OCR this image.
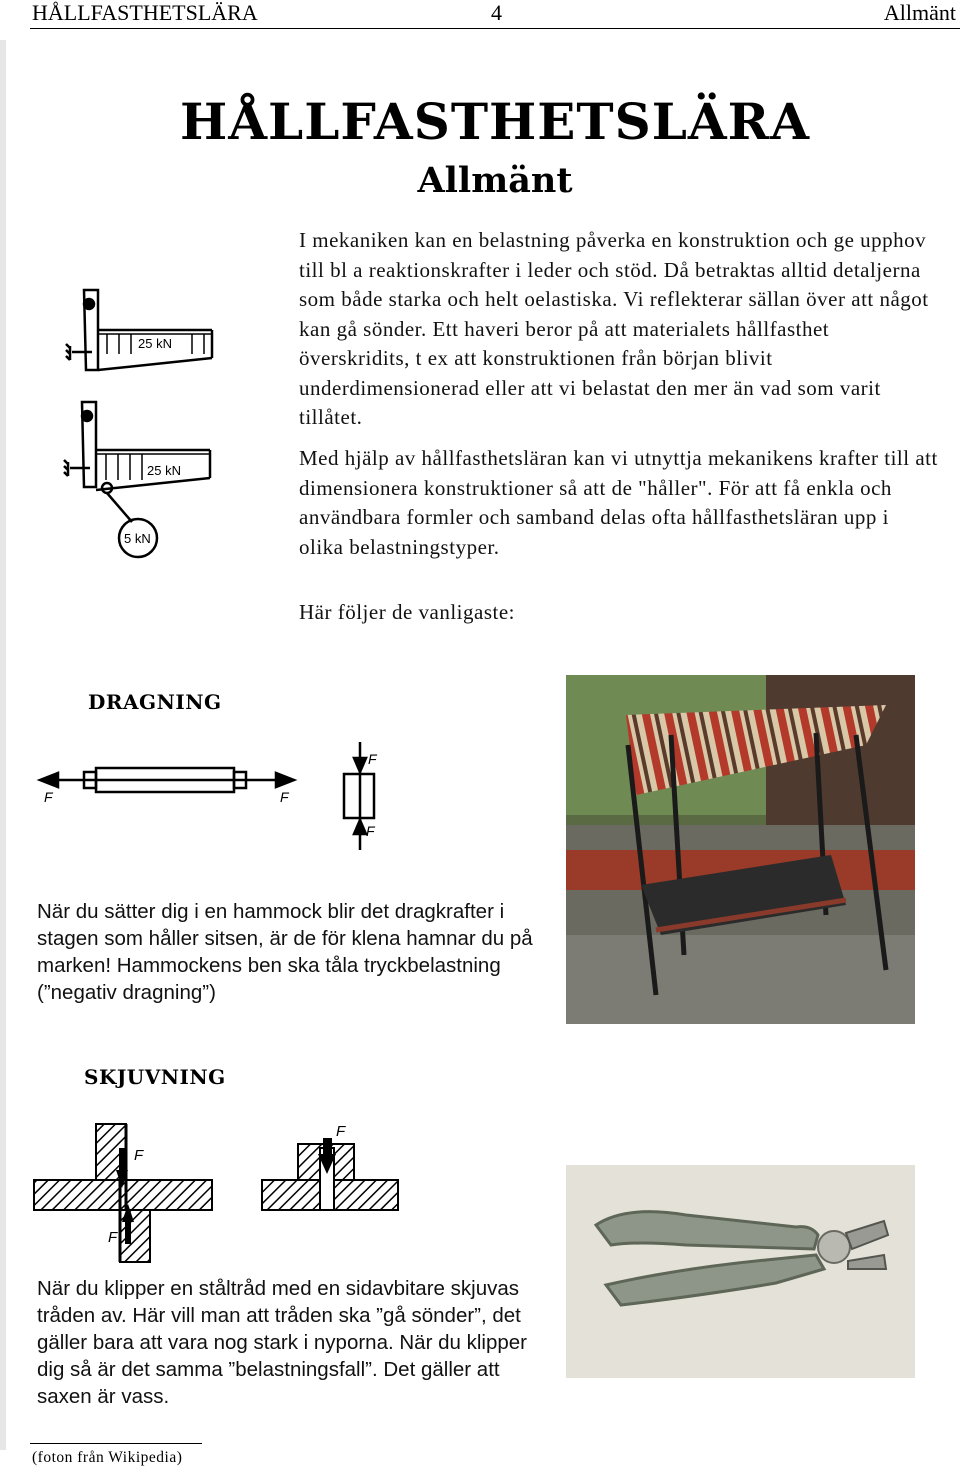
HÅLLFASTHETSLÄRA	4	Allmänt
HÅLLFASTHETSLÄRA
Allmänt
I mekaniken kan en belastning påverka en konstruktion och ge upphov till bl a reaktionskrafter i leder och stöd. Då betraktas alltid detaljerna som både starka och helt oelastiska. Vi reflekterar sällan över att något kan gå sönder. Ett haveri beror på att materialets hållfasthet överskridits, t ex att konstruktionen från början blivit underdimensionerad eller att vi belastat den mer än vad som varit tillåtet.
Med hjälp av hållfasthetsläran kan vi utnyttja mekanikens krafter till att dimensionera konstruktioner så att de "håller". För att få enkla och användbara formler och samband delas ofta hållfasthetsläran upp i olika belastningstyper.
Här följer de vanligaste:
25 kN
25 kN
5 kN
DRAGNING
F	F
F
F
När du sätter dig i en hammock blir det dragkrafter i stagen som håller sitsen, är de för klena hamnar du på marken! Hammockens ben ska tåla tryckbelastning (”negativ dragning”)
SKJUVNING
F
F
F
När du klipper en ståltråd med en sidavbitare skjuvas tråden av. Här vill man att tråden ska ”gå sönder”, det gäller bara att vara nog stark i nyporna. När du klipper dig så är det samma ”belastningsfall”. Det gäller att saxen är vass.
(foton från Wikipedia)
